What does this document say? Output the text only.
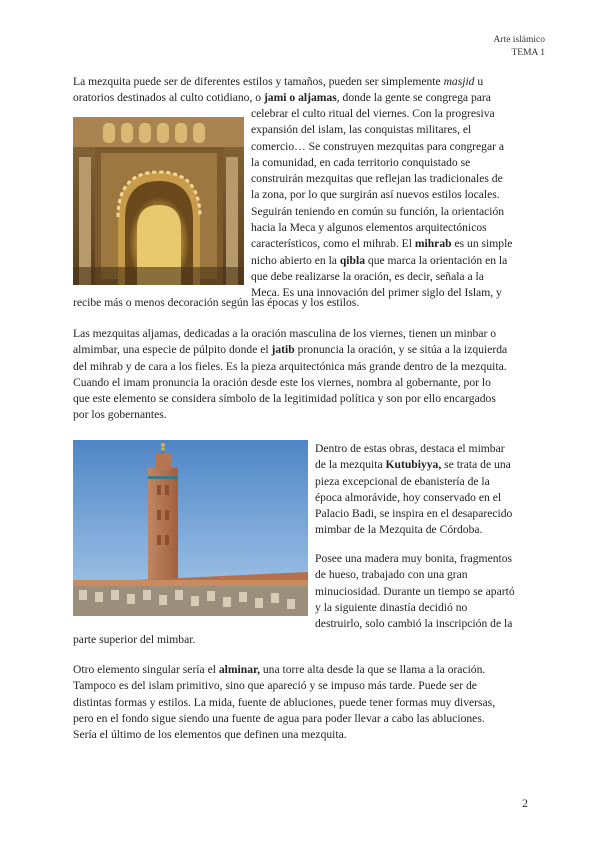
Arte islámico
TEMA 1
La mezquita puede ser de diferentes estilos y tamaños, pueden ser simplemente masjid u
oratorios destinados al culto cotidiano, o jami o aljamas, donde la gente se congrega para
celebrar el culto ritual del viernes. Con la progresiva
expansión del islam, las conquistas militares, el
comercio… Se construyen mezquitas para congregar a
la comunidad, en cada territorio conquistado se
construirán mezquitas que reflejan las tradicionales de
la zona, por lo que surgirán así nuevos estilos locales.
Seguirán teniendo en común su función, la orientación
hacia la Meca y algunos elementos arquitectónicos
característicos, como el mihrab. El mihrab es un simple
nicho abierto en la qibla que marca la orientación en la
que debe realizarse la oración, es decir, señala a la
Meca. Es una innovación del primer siglo del Islam, y
recibe más o menos decoración según las épocas y los estilos.
Las mezquitas aljamas, dedicadas a la oración masculina de los viernes, tienen un minbar o
almimbar, una especie de púlpito donde el jatib pronuncia la oración, y se sitúa a la izquierda
del mihrab y de cara a los fieles. Es la pieza arquitectónica más grande dentro de la mezquita.
Cuando el imam pronuncia la oración desde este los viernes, nombra al gobernante, por lo
que este elemento se considera símbolo de la legitimidad política y son por ello encargados
por los gobernantes.
Dentro de estas obras, destaca el mimbar
de la mezquita Kutubiyya, se trata de una
pieza excepcional de ebanistería de la
época almorávide, hoy conservado en el
Palacio Badi, se inspira en el desaparecido
mimbar de la Mezquita de Córdoba.
Posee una madera muy bonita, fragmentos
de hueso, trabajado con una gran
minuciosidad. Durante un tiempo se apartó
y la siguiente dinastía decidió no
destruirlo, solo cambió la inscripción de la
parte superior del mimbar.
Otro elemento singular sería el alminar, una torre alta desde la que se llama a la oración.
Tampoco es del islam primitivo, sino que apareció y se impuso más tarde. Puede ser de
distintas formas y estilos. La mida, fuente de abluciones, puede tener formas muy diversas,
pero en el fondo sigue siendo una fuente de agua para poder llevar a cabo las abluciones.
Sería el último de los elementos que definen una mezquita.
2
